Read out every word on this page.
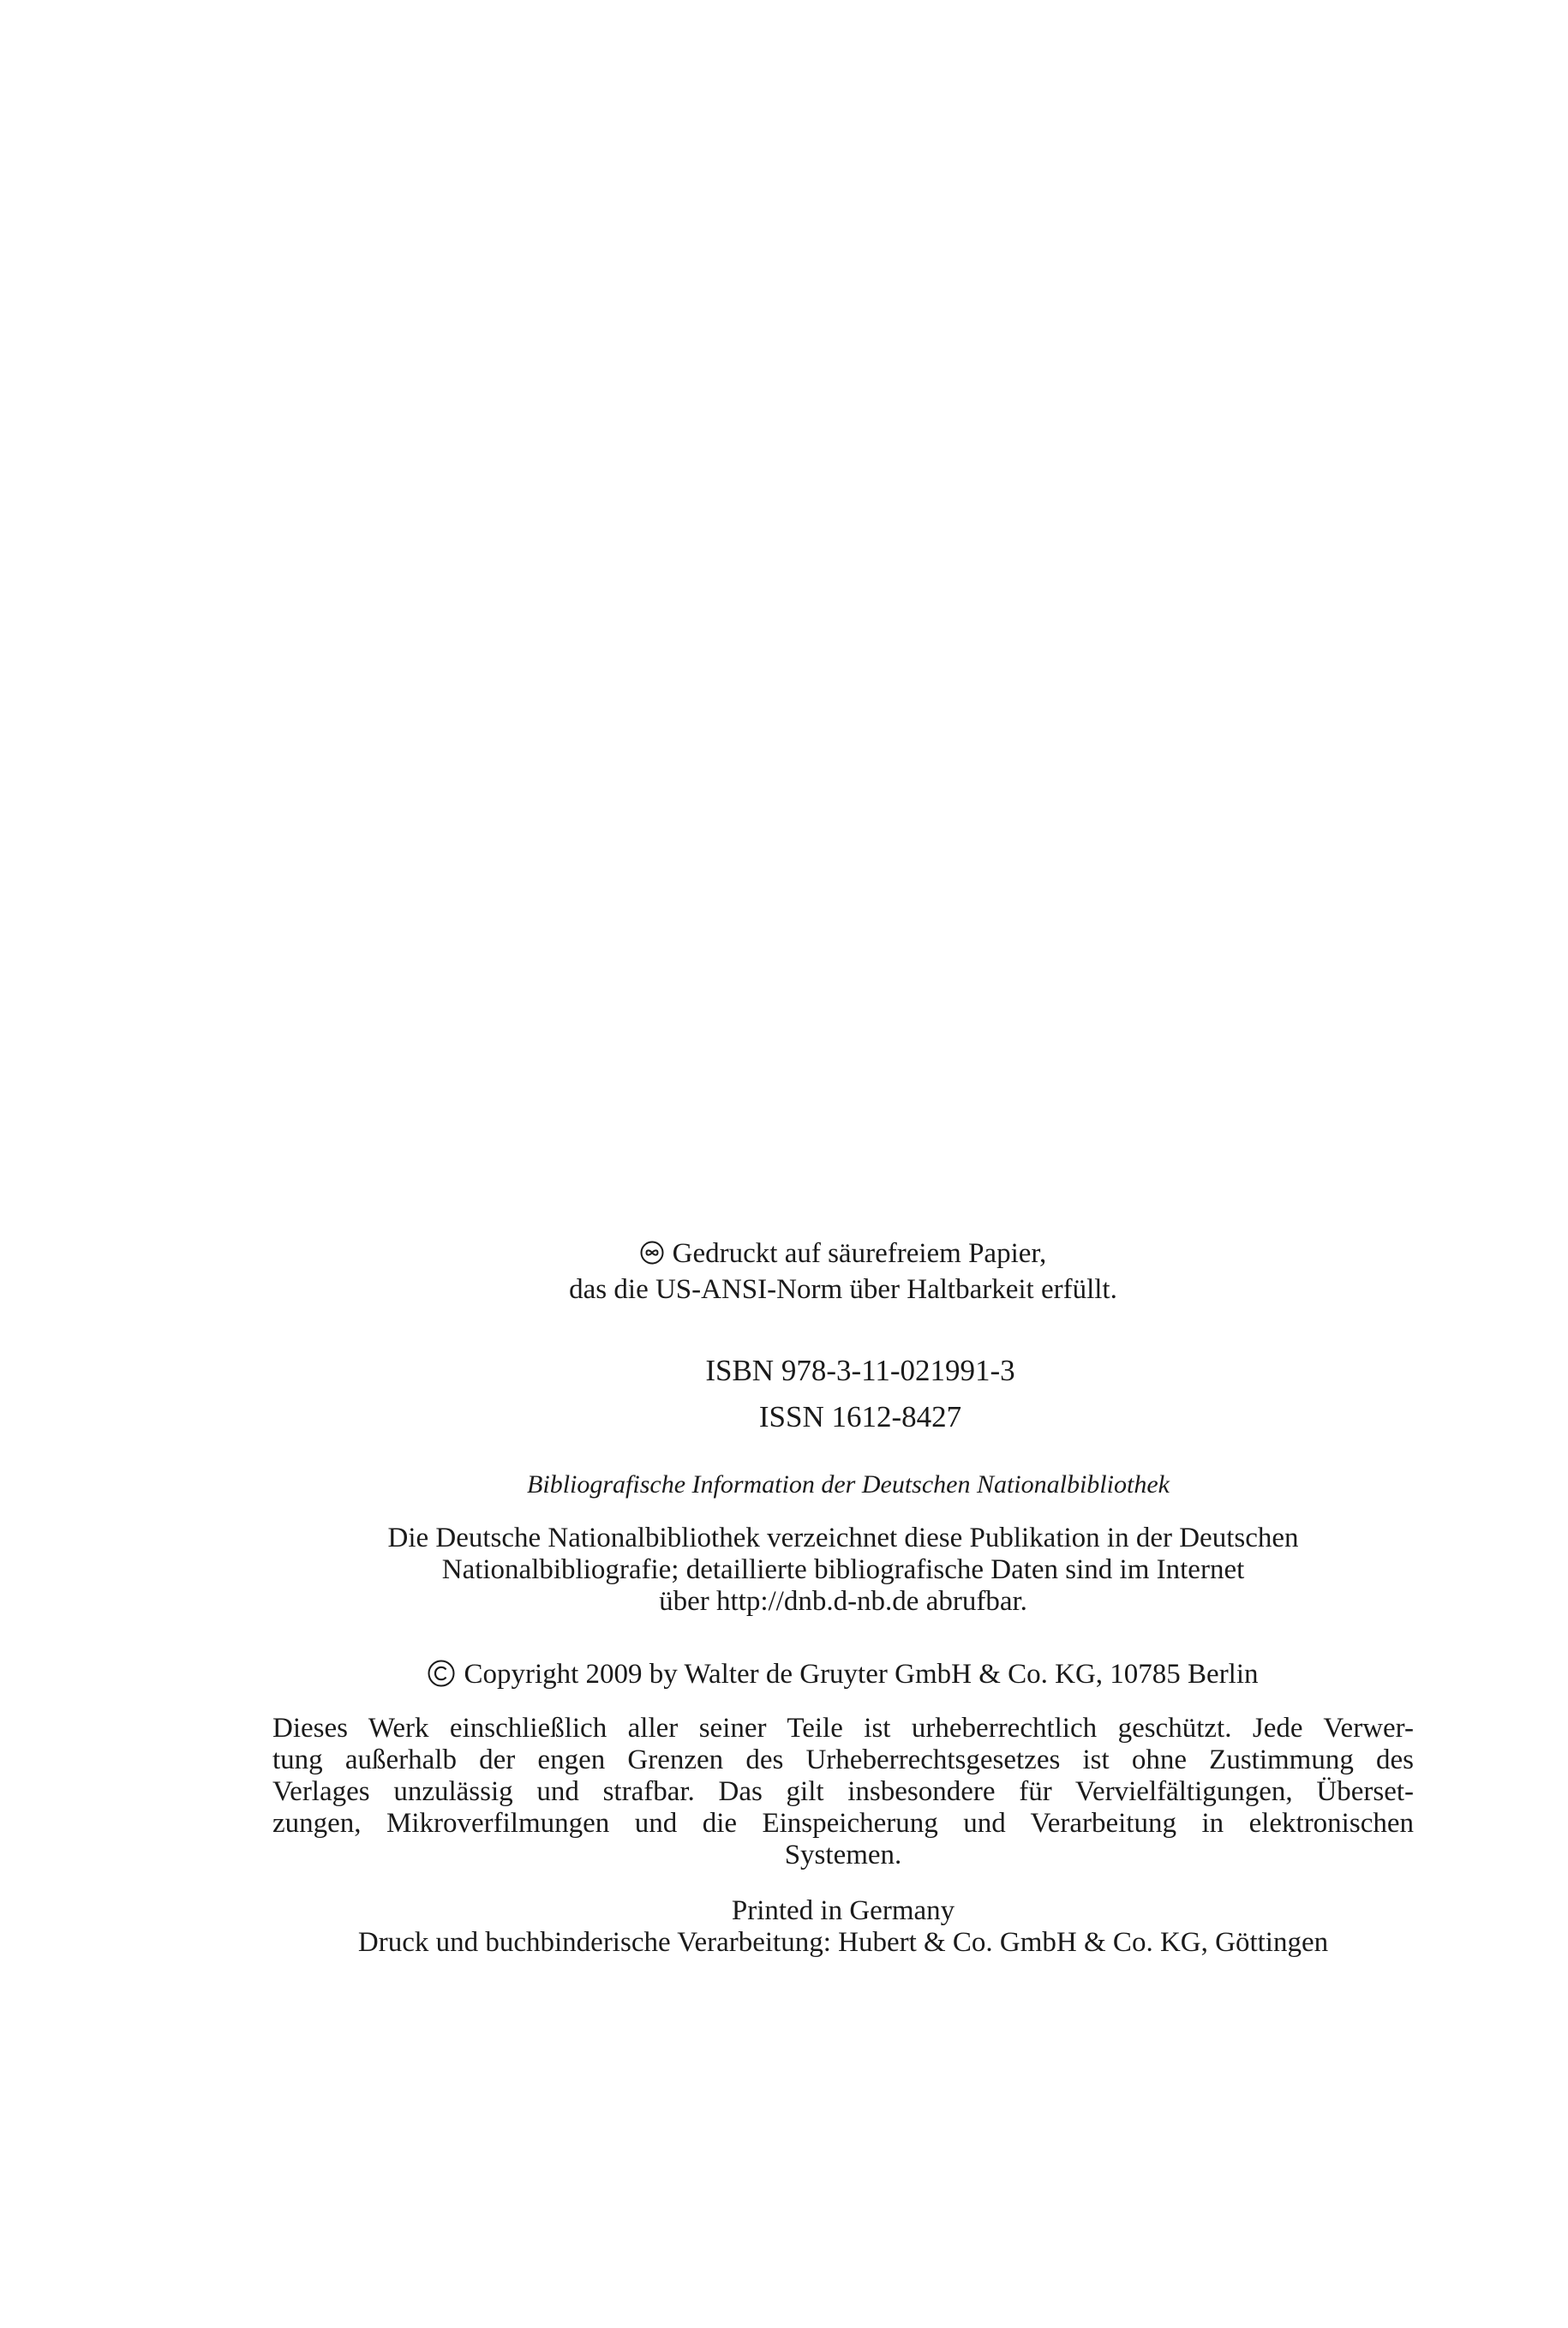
Gedruckt auf säurefreiem Papier,
das die US-ANSI-Norm über Haltbarkeit erfüllt.
ISBN 978-3-11-021991-3
ISSN 1612-8427
Bibliografische Information der Deutschen Nationalbibliothek
Die Deutsche Nationalbibliothek verzeichnet diese Publikation in der Deutschen
Nationalbibliografie; detaillierte bibliografische Daten sind im Internet
über http://dnb.d-nb.de abrufbar.
Copyright 2009 by Walter de Gruyter GmbH & Co. KG, 10785 Berlin
Dieses Werk einschließlich aller seiner Teile ist urheberrechtlich geschützt. Jede Verwer-
tung außerhalb der engen Grenzen des Urheberrechtsgesetzes ist ohne Zustimmung des
Verlages unzulässig und strafbar. Das gilt insbesondere für Vervielfältigungen, Überset-
zungen, Mikroverfilmungen und die Einspeicherung und Verarbeitung in elektronischen
Systemen.
Printed in Germany
Druck und buchbinderische Verarbeitung: Hubert & Co. GmbH & Co. KG, Göttingen
